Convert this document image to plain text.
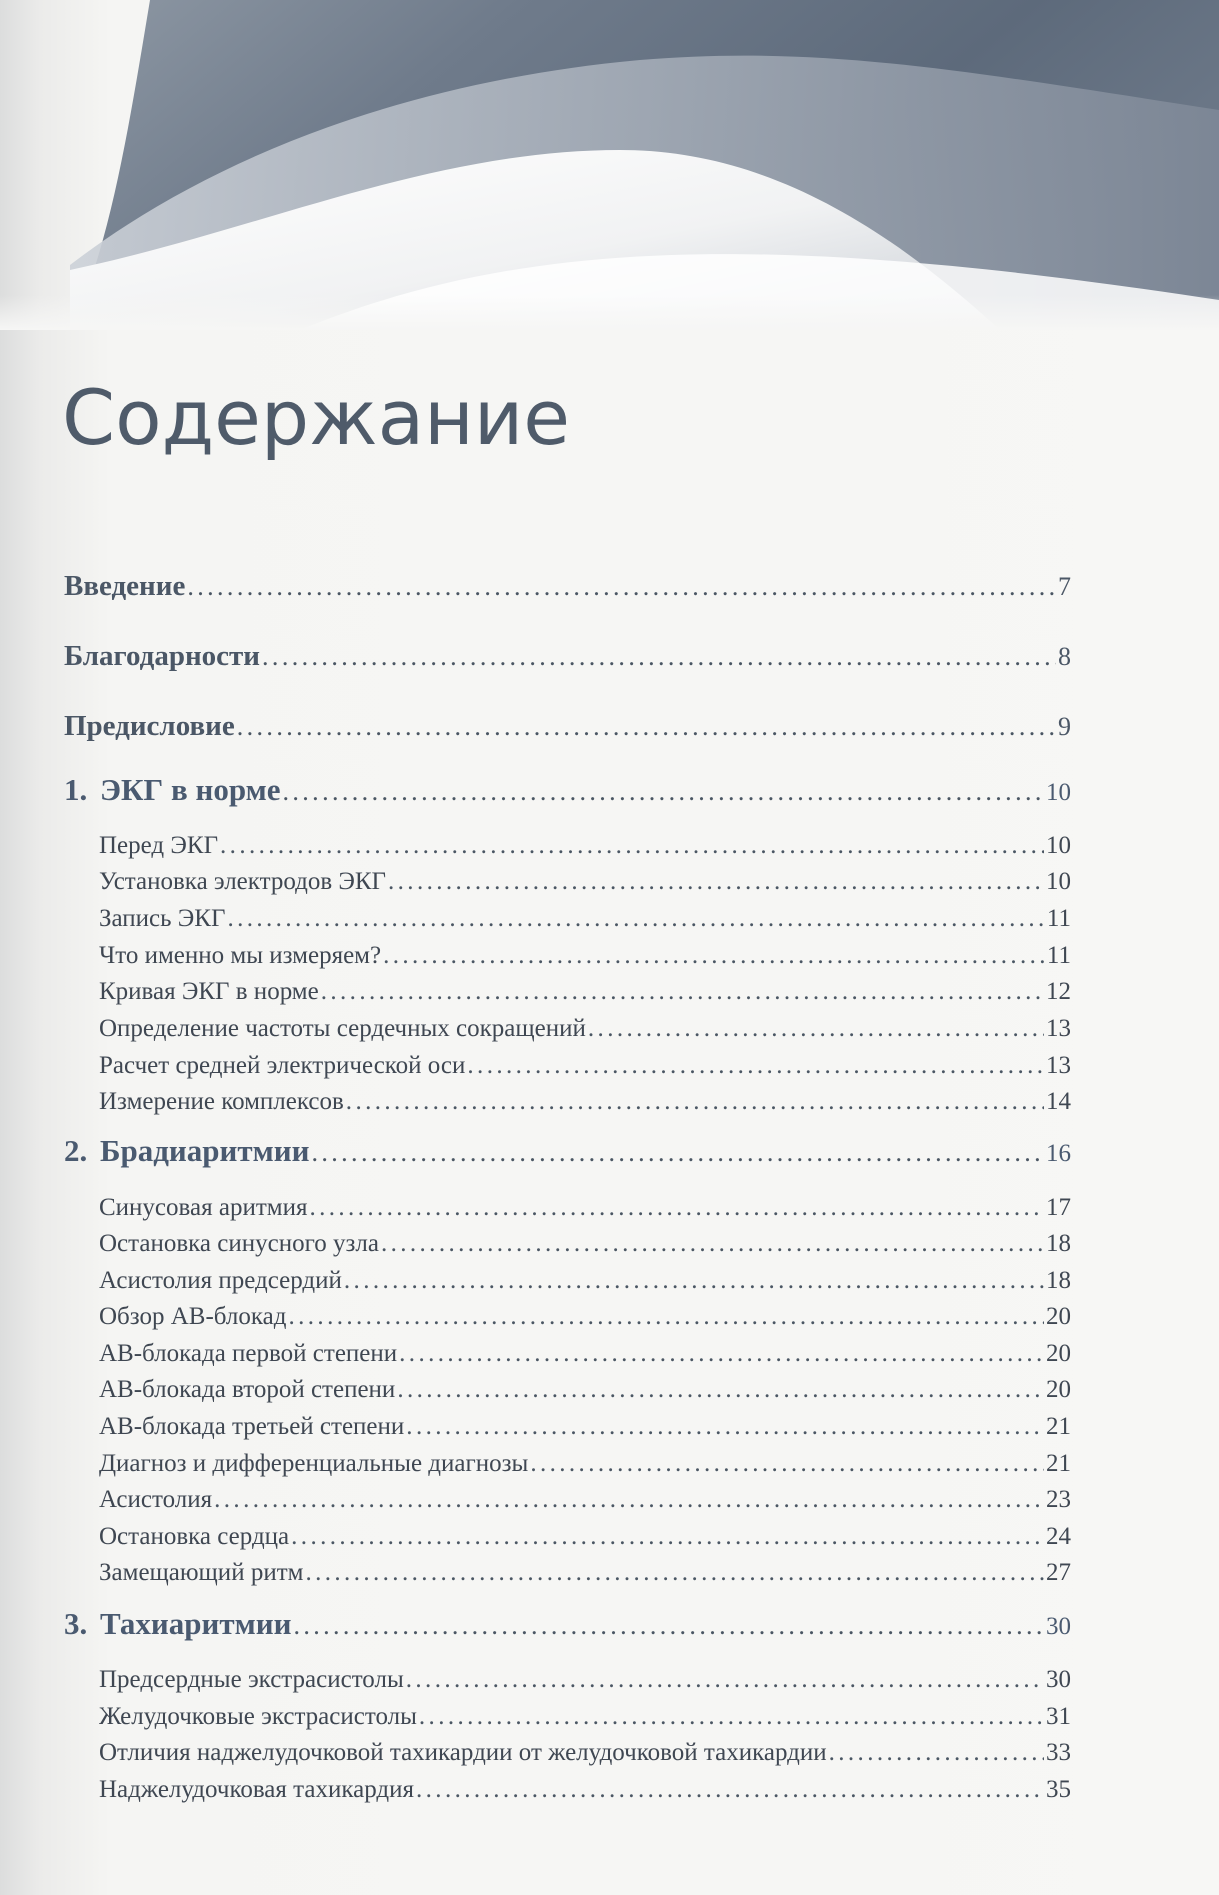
Содержание
Введение .....	7
Благодарности .....	8
Предисловие .....	9
1. ЭКГ в норме .....	10
Перед ЭКГ .....	10
Установка электродов ЭКГ .....	10
Запись ЭКГ .....	11
Что именно мы измеряем? .....	11
Кривая ЭКГ в норме .....	12
Определение частоты сердечных сокращений .....	13
Расчет средней электрической оси .....	13
Измерение комплексов .....	14
2. Брадиаритмии .....	16
Синусовая аритмия .....	17
Остановка синусного узла .....	18
Асистолия предсердий .....	18
Обзор АВ-блокад .....	20
АВ-блокада первой степени .....	20
АВ-блокада второй степени .....	20
АВ-блокада третьей степени .....	21
Диагноз и дифференциальные диагнозы .....	21
Асистолия .....	23
Остановка сердца .....	24
Замещающий ритм .....	27
3. Тахиаритмии .....	30
Предсердные экстрасистолы .....	30
Желудочковые экстрасистолы .....	31
Отличия наджелудочковой тахикардии от желудочковой тахикардии .....	33
Наджелудочковая тахикардия .....	35
